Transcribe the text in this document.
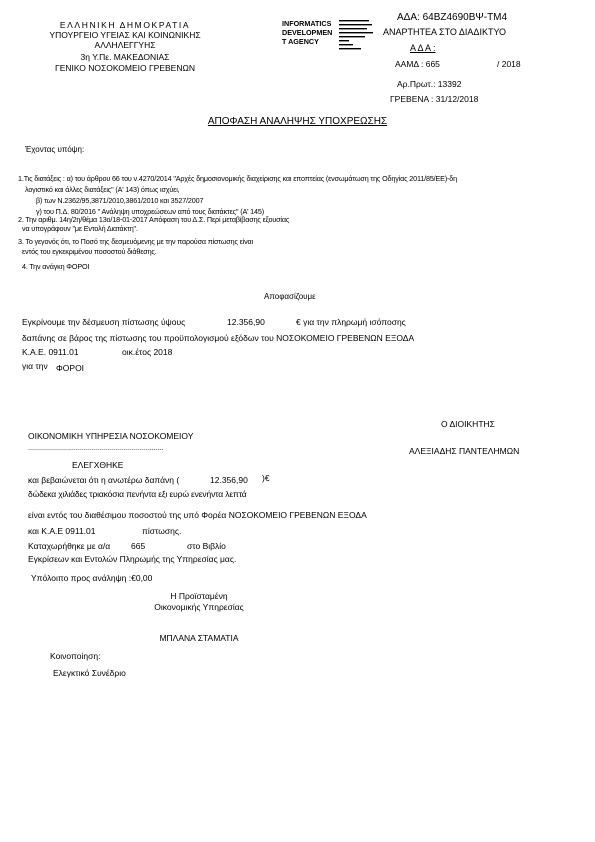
ΕΛΛΗΝΙΚΗ ΔΗΜΟΚΡΑΤΙΑ
ΥΠΟΥΡΓΕΙΟ ΥΓΕΙΑΣ ΚΑΙ ΚΟΙΝΩΝΙΚΗΣ
ΑΛΛΗΛΕΓΓΥΗΣ
3η Υ.Πε. ΜΑΚΕΔΟΝΙΑΣ
ΓΕΝΙΚΟ ΝΟΣΟΚΟΜΕΙΟ ΓΡΕΒΕΝΩΝ
INFORMATICS
DEVELOPMEN
T AGENCY
ΑΔΑ: 64ΒΖ4690ΒΨ-ΤΜ4
ΑΝΑΡΤΗΤΕΑ ΣΤΟ ΔΙΑΔΙΚΤΥΟ
Α Δ Α :
ΑΑΜΔ : 665	/ 2018
Αρ.Πρωτ.: 13392
ΓΡΕΒΕΝΑ : 31/12/2018
ΑΠΟΦΑΣΗ ΑΝΑΛΗΨΗΣ ΥΠΟΧΡΕΩΣΗΣ
Έχοντας υπόψη:
1.Τις διατάξεις : α) του άρθρου 66 του ν.4270/2014 "Αρχές δημοσιονομικής διαχείρισης και εποπτείας (ενσωμάτωση της Οδηγίας 2011/85/ΕΕ)-δη
λογιστικό και άλλες διατάξεις" (Α' 143) όπως ισχύει,
β) των Ν.2362/95,3871/2010,3861/2010 και 3527/2007
γ) του Π.Δ. 80/2016 " Ανάληψη υποχρεώσεων από τους διατάκτες" (Α' 145)
2. Την αριθμ. 14η/2η/θέμα 13ο/18-01-2017 Απόφαση του Δ.Σ. Περί μεταβίβασης εξουσίας
να υπογράφουν "με Εντολή Διατάκτη".
3. Το γεγονός ότι, το Ποσό της δεσμευόμενης με την παρούσα πίστωσης είναι
εντός του εγκεκριμένου ποσοστού διάθεσης.
4. Την ανάγκη ΦΟΡΟΙ
Αποφασίζουμε
Εγκρίνουμε την δέσμευση πίστωσης ύψους	12.356,90	€ για την πληρωμή ισόποσης
δαπάνης σε βάρος της πίστωσης του προϋπολογισμού εξόδων του ΝΟΣΟΚΟΜΕΙΟ ΓΡΕΒΕΝΩΝ ΕΞΟΔΑ
Κ.Α.Ε. 0911.01	οικ.έτος 2018
για την ΦΟΡΟΙ
Ο ΔΙΟΙΚΗΤΗΣ
ΑΛΕΞΙΑΔΗΣ ΠΑΝΤΕΛΗΜΩΝ
ΟΙΚΟΝΟΜΙΚΗ ΥΠΗΡΕΣΙΑ ΝΟΣΟΚΟΜΕΙΟΥ
....................................................................
ΕΛΕΓΧΘΗΚΕ
και βεβαιώνεται ότι η ανωτέρω δαπάνη (	12.356,90 )€
δώδεκα χιλιάδες τριακόσια πενήντα εξι ευρώ ενενήντα λεπτά
είναι εντός του διαθέσιμου ποσοστού της υπό Φορέα ΝΟΣΟΚΟΜΕΙΟ ΓΡΕΒΕΝΩΝ ΕΞΟΔΑ
και Κ.Α.Ε 0911.01	πίστωσης.
Καταχωρήθηκε με α/α 665	στο Βιβλίο
Εγκρίσεων και Εντολών Πληρωμής της Υπηρεσίας μας.
Υπόλοιπο προς ανάληψη :€0,00
Η Προϊσταμένη
Οικονομικής Υπηρεσίας
ΜΠΛΑΝΑ ΣΤΑΜΑΤΙΑ
Κοινοποίηση:
Ελεγκτικό Συνέδριο
